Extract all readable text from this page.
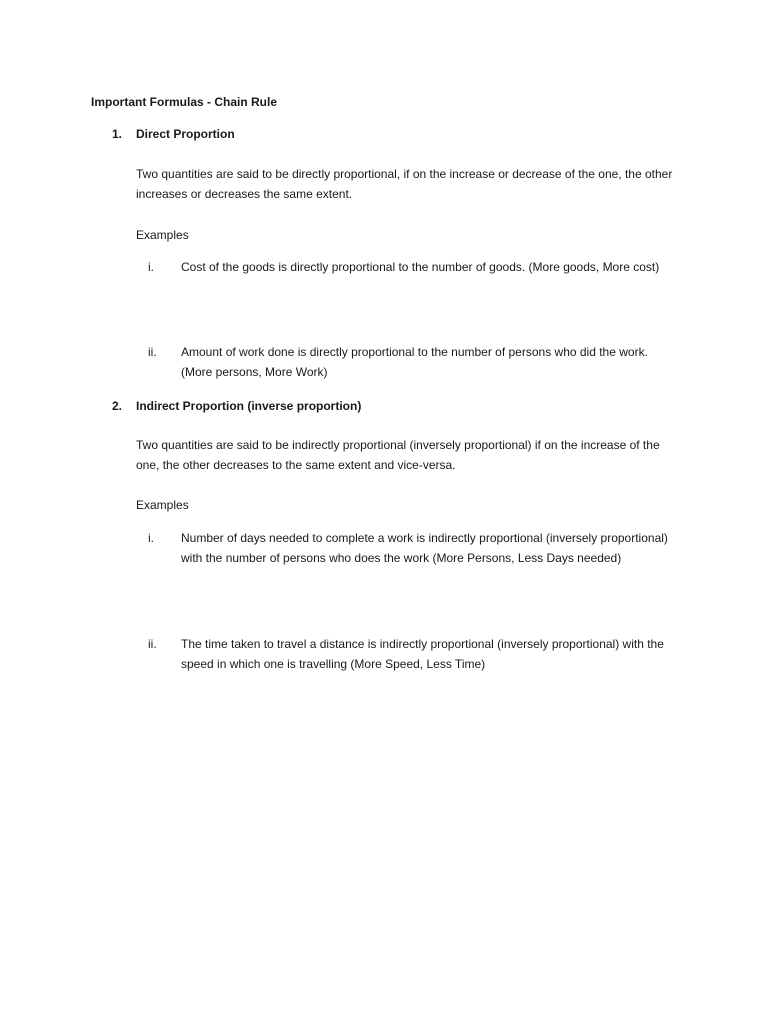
Important Formulas - Chain Rule
1. Direct Proportion
Two quantities are said to be directly proportional, if on the increase or decrease of the one, the other increases or decreases the same extent.
Examples
i.	Cost of the goods is directly proportional to the number of goods. (More goods, More cost)
ii.	Amount of work done is directly proportional to the number of persons who did the work. (More persons, More Work)
2. Indirect Proportion (inverse proportion)
Two quantities are said to be indirectly proportional (inversely proportional) if on the increase of the one, the other decreases to the same extent and vice-versa.
Examples
i.	Number of days needed to complete a work is indirectly proportional (inversely proportional) with the number of persons who does the work (More Persons, Less Days needed)
ii.	The time taken to travel a distance is indirectly proportional (inversely proportional) with the speed in which one is travelling (More Speed, Less Time)
